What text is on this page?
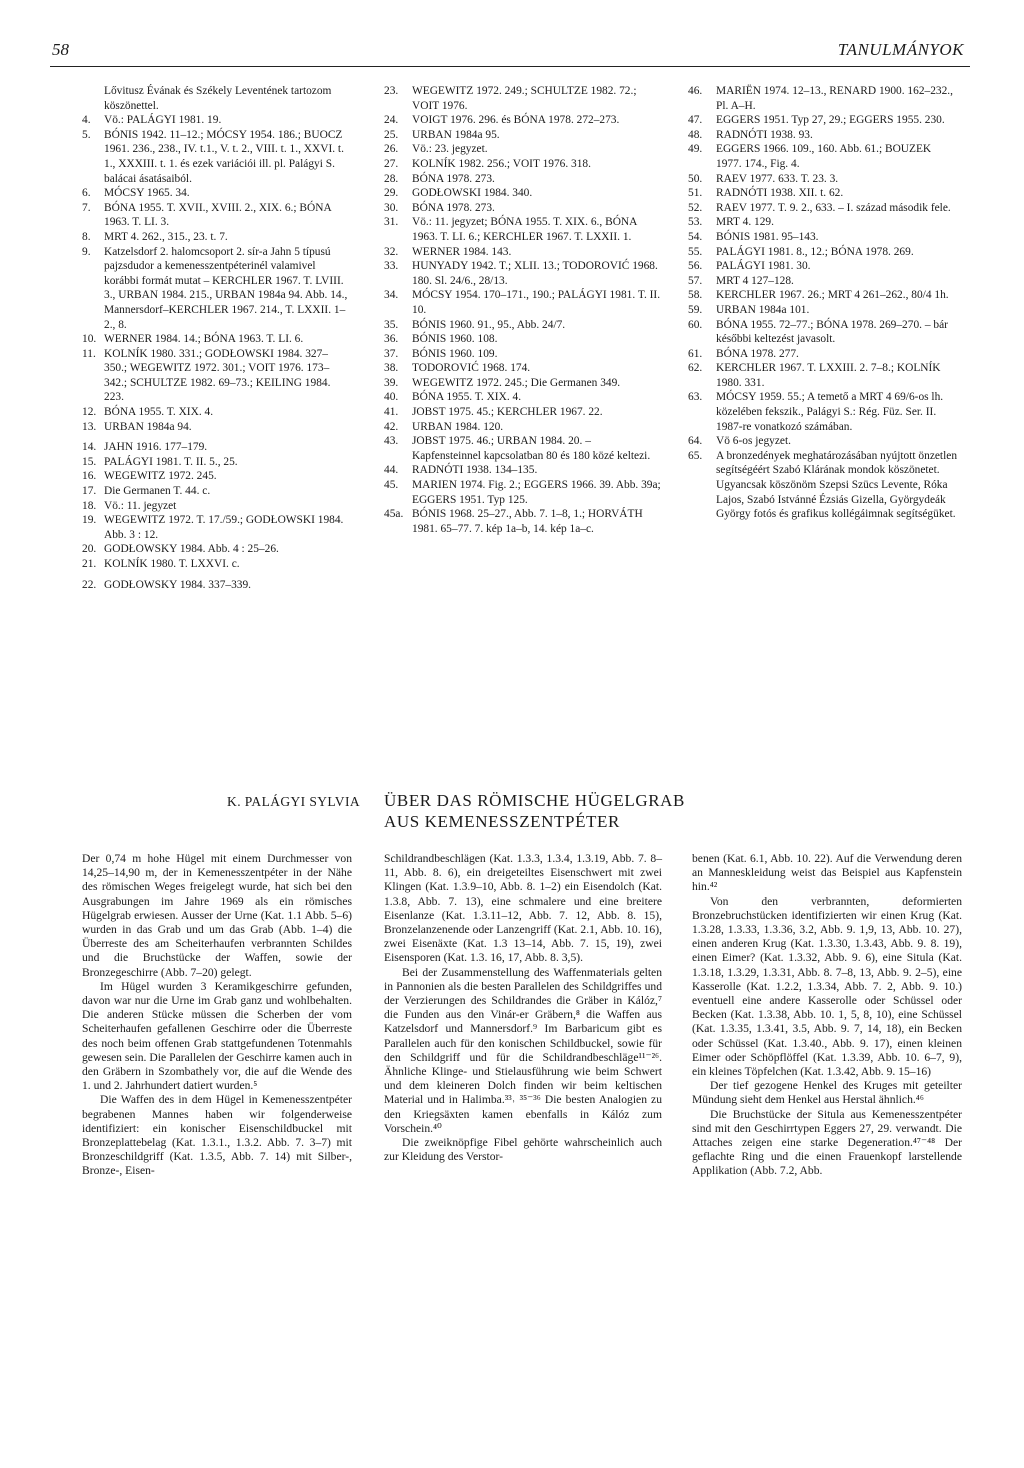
58	TANULMÁNYOK
Lővitusz Évának és Székely Leventének tartozom köszönettel.
4.	Vö.: PALÁGYI 1981. 19.
5.	BÓNIS 1942. 11–12.; MÓCSY 1954. 186.; BUOCZ 1961. 236., 238., IV. t.1., V. t. 2., VIII. t. 1., XXVI. t. 1., XXXIII. t. 1. és ezek variációi ill. pl. Palágyi S. balácai ásatásaiból.
6.	MÓCSY 1965. 34.
7.	BÓNA 1955. T. XVII., XVIII. 2., XIX. 6.; BÓNA 1963. T. LI. 3.
8.	MRT 4. 262., 315., 23. t. 7.
9.	Katzelsdorf 2. halomcsoport 2. sír-a Jahn 5 típusú pajzsdudor a kemenesszentpéterinél valamivel korábbi formát mutat – KERCHLER 1967. T. LVIII. 3., URBAN 1984. 215., URBAN 1984a 94. Abb. 14., Mannersdorf–KERCHLER 1967. 214., T. LXXII. 1–2., 8.
10. WERNER 1984. 14.; BÓNA 1963. T. LI. 6.
11. KOLNÍK 1980. 331.; GODŁOWSKI 1984. 327–350.; WEGEWITZ 1972. 301.; VOIT 1976. 173–342.; SCHULTZE 1982. 69–73.; KEILING 1984. 223.
12. BÓNA 1955. T. XIX. 4.
13. URBAN 1984a 94.
14. JAHN 1916. 177–179.
15. PALÁGYI 1981. T. II. 5., 25.
16. WEGEWITZ 1972. 245.
17. Die Germanen T. 44. c.
18. Vö.: 11. jegyzet
19. WEGEWITZ 1972. T. 17./59.; GODŁOWSKI 1984. Abb. 3 : 12.
20. GODŁOWSKY 1984. Abb. 4 : 25–26.
21. KOLNÍK 1980. T. LXXVI. c.
22. GODŁOWSKY 1984. 337–339.
23.	WEGEWITZ 1972. 249.; SCHULTZE 1982. 72.; VOIT 1976.
24.	VOIGT 1976. 296. és BÓNA 1978. 272–273.
25.	URBAN 1984a 95.
26.	Vö.: 23. jegyzet.
27.	KOLNÍK 1982. 256.; VOIT 1976. 318.
28.	BÓNA 1978. 273.
29.	GODŁOWSKI 1984. 340.
30.	BÓNA 1978. 273.
31.	Vö.: 11. jegyzet; BÓNA 1955. T. XIX. 6., BÓNA 1963. T. LI. 6.; KERCHLER 1967. T. LXXII. 1.
32.	WERNER 1984. 143.
33.	HUNYADY 1942. T.; XLII. 13.; TODOROVIĆ 1968. 180. Sl. 24/6., 28/13.
34.	MÓCSY 1954. 170–171., 190.; PALÁGYI 1981. T. II. 10.
35.	BÓNIS 1960. 91., 95., Abb. 24/7.
36.	BÓNIS 1960. 108.
37.	BÓNIS 1960. 109.
38.	TODOROVIĆ 1968. 174.
39.	WEGEWITZ 1972. 245.; Die Germanen 349.
40.	BÓNA 1955. T. XIX. 4.
41.	JOBST 1975. 45.; KERCHLER 1967. 22.
42.	URBAN 1984. 120.
43.	JOBST 1975. 46.; URBAN 1984. 20. – Kapfensteinnel kapcsolatban 80 és 180 közé keltezi.
44.	RADNÓTI 1938. 134–135.
45.	MARIEN 1974. Fig. 2.; EGGERS 1966. 39. Abb. 39a; EGGERS 1951. Typ 125.
45a. BÓNIS 1968. 25–27., Abb. 7. 1–8, 1.; HORVÁTH 1981. 65–77. 7. kép 1a–b, 14. kép 1a–c.
46.	MARIËN 1974. 12–13., RENARD 1900. 162–232., Pl. A–H.
47.	EGGERS 1951. Typ 27, 29.; EGGERS 1955. 230.
48.	RADNÓTI 1938. 93.
49.	EGGERS 1966. 109., 160. Abb. 61.; BOUZEK 1977. 174., Fig. 4.
50.	RAEV 1977. 633. T. 23. 3.
51.	RADNÓTI 1938. XII. t. 62.
52.	RAEV 1977. T. 9. 2., 633. – I. század második fele.
53.	MRT 4. 129.
54.	BÓNIS 1981. 95–143.
55.	PALÁGYI 1981. 8., 12.; BÓNA 1978. 269.
56.	PALÁGYI 1981. 30.
57.	MRT 4 127–128.
58.	KERCHLER 1967. 26.; MRT 4 261–262., 80/4 1h.
59.	URBAN 1984a 101.
60.	BÓNA 1955. 72–77.; BÓNA 1978. 269–270. – bár későbbi keltezést javasolt.
61.	BÓNA 1978. 277.
62.	KERCHLER 1967. T. LXXIII. 2. 7–8.; KOLNÍK 1980. 331.
63.	MÓCSY 1959. 55.; A temető a MRT 4 69/6-os lh. közelében fekszik., Palágyi S.: Rég. Füz. Ser. II. 1987-re vonatkozó számában.
64.	Vö 6-os jegyzet.
65.	A bronzedények meghatározásában nyújtott önzetlen segítségéért Szabó Klárának mondok köszönetet. Ugyancsak köszönöm Szepsi Szücs Levente, Róka Lajos, Szabó Istvánné Ézsiás Gizella, Györgydeák György fotós és grafikus kollégáimnak segítségüket.
K. PALÁGYI SYLVIA ÜBER DAS RÖMISCHE HÜGELGRAB
AUS KEMENESSZENTPÉTER

Der 0,74 m hohe Hügel mit einem Durchmesser von 14,25–14,90 m, der in Kemenesszentpéter in der Nähe des römischen Weges freigelegt wurde, hat sich bei den Ausgrabungen im Jahre 1969 als ein römisches Hügelgrab erwiesen. Ausser der Urne (Kat. 1.1 Abb. 5–6) wurden in das Grab und um das Grab (Abb. 1–4) die Überreste des am Scheiterhaufen verbrannten Schildes und die Bruchstücke der Waffen, sowie der Bronzegeschirre (Abb. 7–20) gelegt.

Im Hügel wurden 3 Keramikgeschirre gefunden, davon war nur die Urne im Grab ganz und wohlbehalten. Die anderen Stücke müssen die Scherben der vom Scheiterhaufen gefallenen Geschirre oder die Überreste des noch beim offenen Grab stattgefundenen Totenmahls gewesen sein. Die Parallelen der Geschirre kamen auch in den Gräbern in Szombathely vor, die auf die Wende des 1. und 2. Jahrhundert datiert wurden.⁵

Die Waffen des in dem Hügel in Kemenesszentpéter begrabenen Mannes haben wir folgenderweise identifiziert: ein konischer Eisenschildbuckel mit Bronzeplattebelag (Kat. 1.3.1., 1.3.2. Abb. 7. 3–7) mit Bronzeschildgriff (Kat. 1.3.5, Abb. 7. 14) mit Silber-, Bronze-, Eisen-

Schildrandbeschlägen (Kat. 1.3.3, 1.3.4, 1.3.19, Abb. 7. 8–11, Abb. 8. 6), ein dreigeteiltes Eisenschwert mit zwei Klingen (Kat. 1.3.9–10, Abb. 8. 1–2) ein Eisendolch (Kat. 1.3.8, Abb. 7. 13), eine schmalere und eine breitere Eisenlanze (Kat. 1.3.11–12, Abb. 7. 12, Abb. 8. 15), Bronzelanzenende oder Lanzengriff (Kat. 2.1, Abb. 10. 16), zwei Eisenäxte (Kat. 1.3 13–14, Abb. 7. 15, 19), zwei Eisensporen (Kat. 1.3. 16, 17, Abb. 8. 3,5).

Bei der Zusammenstellung des Waffenmaterials gelten in Pannonien als die besten Parallelen des Schildgriffes und der Verzierungen des Schildrandes die Gräber in Kálóz,⁷ die Funden aus den Vinár-er Gräbern,⁸ die Waffen aus Katzelsdorf und Mannersdorf.⁹ Im Barbaricum gibt es Parallelen auch für den konischen Schildbuckel, sowie für den Schildgriff und für die Schildrandbeschläge¹¹⁻²⁶. Ähnliche Klinge- und Stielausführung wie beim Schwert und dem kleineren Dolch finden wir beim keltischen Material und in Halimba.³³˒ ³⁵⁻³⁶ Die besten Analogien zu den Kriegsäxten kamen ebenfalls in Kálóz zum Vorschein.⁴⁰

Die zweiknöpfige Fibel gehörte wahrscheinlich auch zur Kleidung des Verstor-

benen (Kat. 6.1, Abb. 10. 22). Auf die Verwendung deren an Manneskleidung weist das Beispiel aus Kapfenstein hin.⁴²

Von den verbrannten, deformierten Bronzebruchstücken identifizierten wir einen Krug (Kat. 1.3.28, 1.3.33, 1.3.36, 3.2, Abb. 9. 1,9, 13, Abb. 10. 27), einen anderen Krug (Kat. 1.3.30, 1.3.43, Abb. 9. 8. 19), einen Eimer? (Kat. 1.3.32, Abb. 9. 6), eine Situla (Kat. 1.3.18, 1.3.29, 1.3.31, Abb. 8. 7–8, 13, Abb. 9. 2–5), eine Kasserolle (Kat. 1.2.2, 1.3.34, Abb. 7. 2, Abb. 9. 10.) eventuell eine andere Kasserolle oder Schüssel oder Becken (Kat. 1.3.38, Abb. 10. 1, 5, 8, 10), eine Schüssel (Kat. 1.3.35, 1.3.41, 3.5, Abb. 9. 7, 14, 18), ein Becken oder Schüssel (Kat. 1.3.40., Abb. 9. 17), einen kleinen Eimer oder Schöpflöffel (Kat. 1.3.39, Abb. 10. 6–7, 9), ein kleines Töpfelchen (Kat. 1.3.42, Abb. 9. 15–16)

Der tief gezogene Henkel des Kruges mit geteilter Mündung sieht dem Henkel aus Herstal ähnlich.⁴⁶

Die Bruchstücke der Situla aus Kemenesszentpéter sind mit den Geschirrtypen Eggers 27, 29. verwandt. Die Attaches zeigen eine starke Degeneration.⁴⁷⁻⁴⁸ Der geflachte Ring und die einen Frauenkopf larstellende Applikation (Abb. 7.2, Abb.
